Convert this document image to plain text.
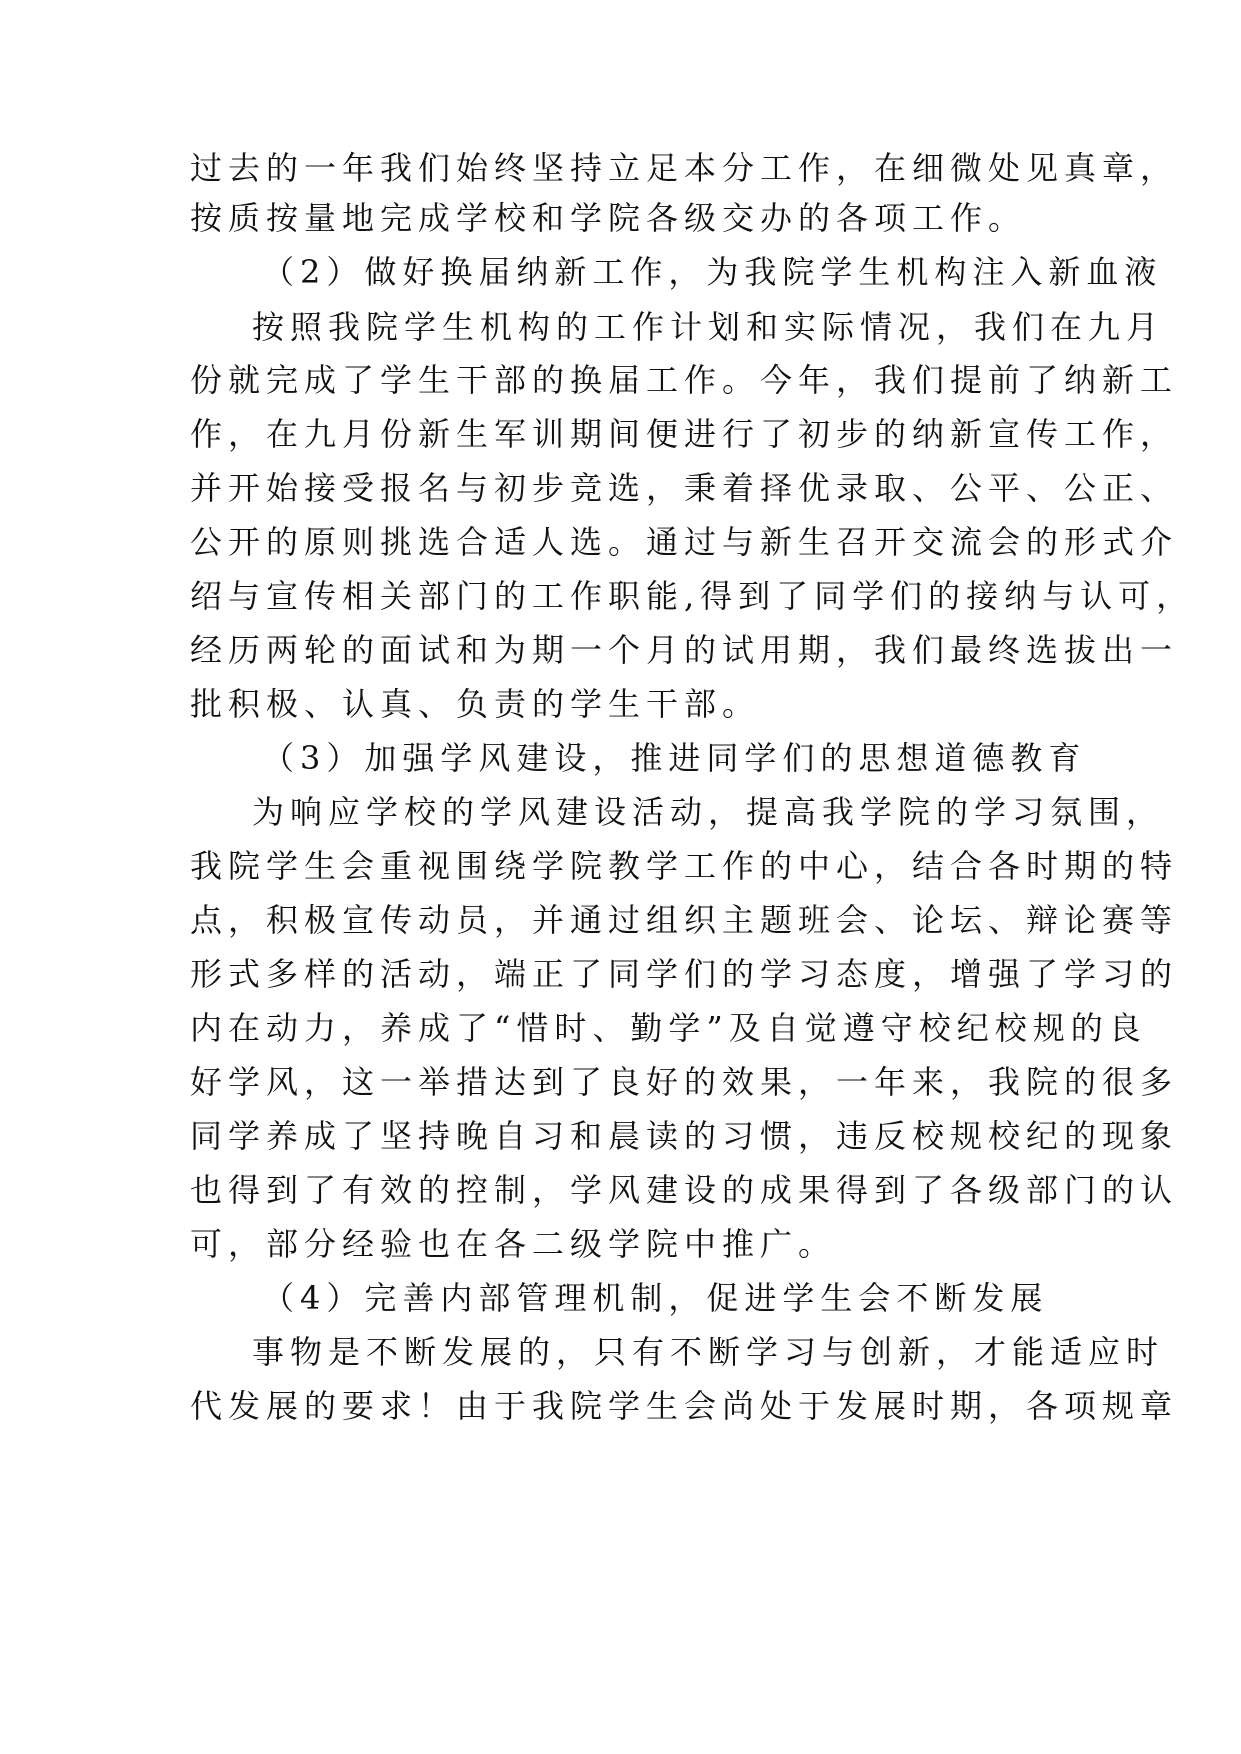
过去的一年我们始终坚持立足本分工作，在细微处见真章，
按质按量地完成学校和学院各级交办的各项工作。
（2）做好换届纳新工作，为我院学生机构注入新血液
按照我院学生机构的工作计划和实际情况，我们在九月
份就完成了学生干部的换届工作。今年，我们提前了纳新工
作，在九月份新生军训期间便进行了初步的纳新宣传工作，
并开始接受报名与初步竞选，秉着择优录取、公平、公正、
公开的原则挑选合适人选。通过与新生召开交流会的形式介
绍与宣传相关部门的工作职能,得到了同学们的接纳与认可，
经历两轮的面试和为期一个月的试用期，我们最终选拔出一
批积极、认真、负责的学生干部。
（3）加强学风建设，推进同学们的思想道德教育
为响应学校的学风建设活动，提高我学院的学习氛围，
我院学生会重视围绕学院教学工作的中心，结合各时期的特
点，积极宣传动员，并通过组织主题班会、论坛、辩论赛等
形式多样的活动，端正了同学们的学习态度，增强了学习的
内在动力，养成了“惜时、勤学”及自觉遵守校纪校规的良
好学风，这一举措达到了良好的效果，一年来，我院的很多
同学养成了坚持晚自习和晨读的习惯，违反校规校纪的现象
也得到了有效的控制，学风建设的成果得到了各级部门的认
可，部分经验也在各二级学院中推广。
（4）完善内部管理机制，促进学生会不断发展
事物是不断发展的，只有不断学习与创新，才能适应时
代发展的要求！由于我院学生会尚处于发展时期，各项规章
